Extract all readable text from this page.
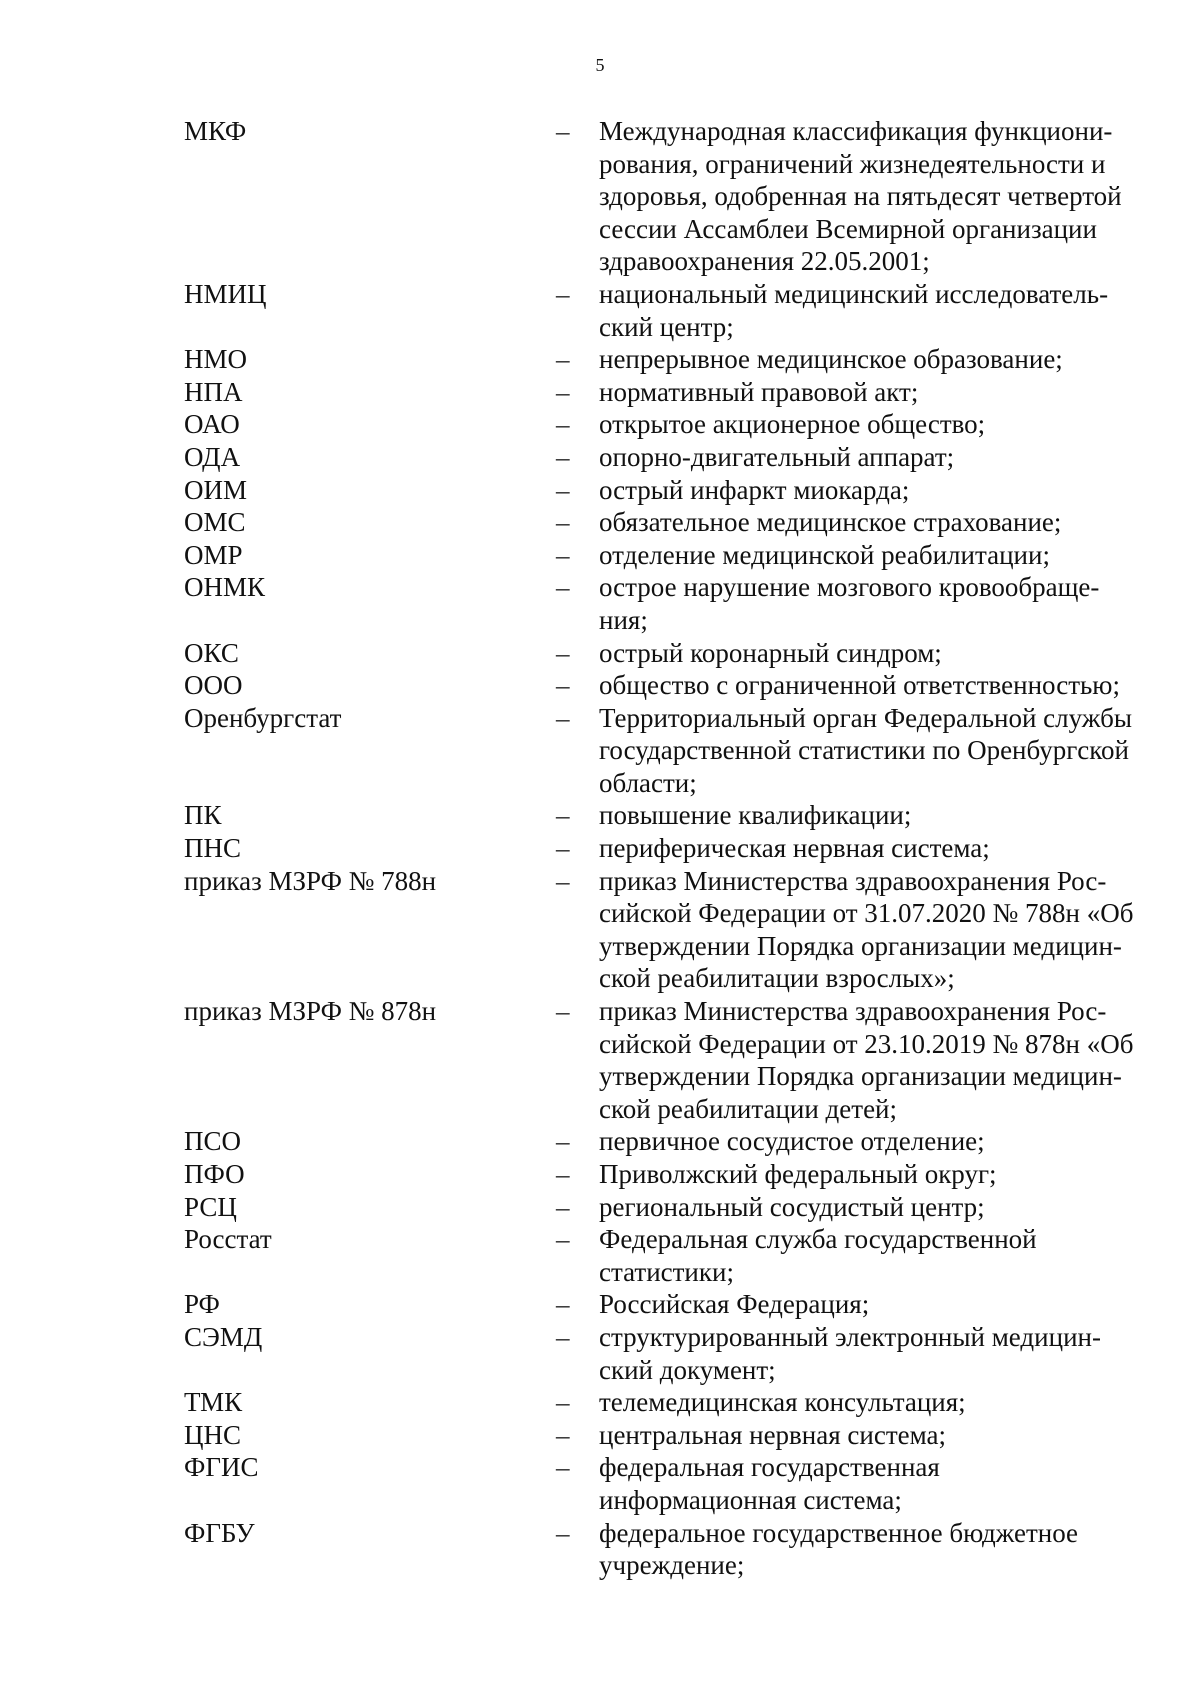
5
МКФ	–	Международная классификация функциони-
рования, ограничений жизнедеятельности и
здоровья, одобренная на пятьдесят четвертой
сессии Ассамблеи Всемирной организации
здравоохранения 22.05.2001;
НМИЦ	–	национальный медицинский исследователь-
ский центр;
НМО	–	непрерывное медицинское образование;
НПА	–	нормативный правовой акт;
ОАО	–	открытое акционерное общество;
ОДА	–	опорно-двигательный аппарат;
ОИМ	–	острый инфаркт миокарда;
ОМС	–	обязательное медицинское страхование;
ОМР	–	отделение медицинской реабилитации;
ОНМК	–	острое нарушение мозгового кровообраще-
ния;
ОКС	–	острый коронарный синдром;
ООО	–	общество с ограниченной ответственностью;
Оренбургстат	–	Территориальный орган Федеральной службы
государственной статистики по Оренбургской
области;
ПК	–	повышение квалификации;
ПНС	–	периферическая нервная система;
приказ МЗРФ № 788н	–	приказ Министерства здравоохранения Рос-
сийской Федерации от 31.07.2020 № 788н «Об
утверждении Порядка организации медицин-
ской реабилитации взрослых»;
приказ МЗРФ № 878н	–	приказ Министерства здравоохранения Рос-
сийской Федерации от 23.10.2019 № 878н «Об
утверждении Порядка организации медицин-
ской реабилитации детей;
ПСО	–	первичное сосудистое отделение;
ПФО	–	Приволжский федеральный округ;
РСЦ	–	региональный сосудистый центр;
Росстат	–	Федеральная служба государственной
статистики;
РФ	–	Российская Федерация;
СЭМД	–	структурированный электронный медицин-
ский документ;
ТМК	–	телемедицинская консультация;
ЦНС	–	центральная нервная система;
ФГИС	–	федеральная государственная
информационная система;
ФГБУ	–	федеральное государственное бюджетное
учреждение;
